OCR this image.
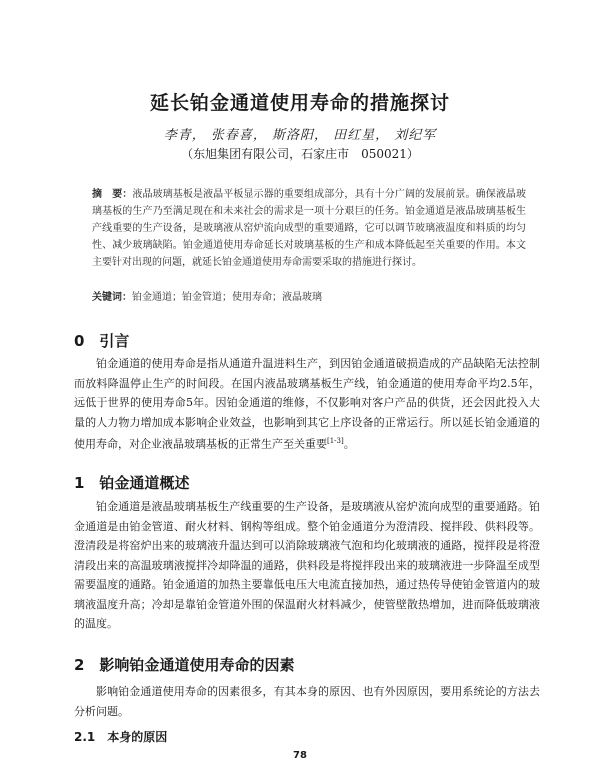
延长铂金通道使用寿命的措施探讨
李青， 张春喜， 斯洛阳， 田红星， 刘纪军
（东旭集团有限公司，石家庄市　050021）
摘　要：液晶玻璃基板是液晶平板显示器的重要组成部分，具有十分广阔的发展前景。确保液晶玻璃基板的生产乃至满足现在和未来社会的需求是一项十分艰巨的任务。铂金通道是液晶玻璃基板生产线重要的生产设备，是玻璃液从窑炉流向成型的重要通路，它可以调节玻璃液温度和料质的均匀性、减少玻璃缺陷。铂金通道使用寿命延长对玻璃基板的生产和成本降低起至关重要的作用。本文主要针对出现的问题，就延长铂金通道使用寿命需要采取的措施进行探讨。
关键词：铂金通道；铂金管道；使用寿命；液晶玻璃
0　引言

铂金通道的使用寿命是指从通道升温进料生产，到因铂金通道破损造成的产品缺陷无法控制而放料降温停止生产的时间段。在国内液晶玻璃基板生产线，铂金通道的使用寿命平均2.5年，远低于世界的使用寿命5年。因铂金通道的维修，不仅影响对客户产品的供货，还会因此投入大量的人力物力增加成本影响企业效益，也影响到其它上序设备的正常运行。所以延长铂金通道的使用寿命，对企业液晶玻璃基板的正常生产至关重要[1-3]。

1　铂金通道概述

铂金通道是液晶玻璃基板生产线重要的生产设备，是玻璃液从窑炉流向成型的重要通路。铂金通道是由铂金管道、耐火材料、钢构等组成。整个铂金通道分为澄清段、搅拌段、供料段等。澄清段是将窑炉出来的玻璃液升温达到可以消除玻璃液气泡和均化玻璃液的通路，搅拌段是将澄清段出来的高温玻璃液搅拌冷却降温的通路，供料段是将搅拌段出来的玻璃液进一步降温至成型需要温度的通路。铂金通道的加热主要靠低电压大电流直接加热，通过热传导使铂金管道内的玻璃液温度升高；冷却是靠铂金管道外围的保温耐火材料减少，使管壁散热增加，进而降低玻璃液的温度。

2　影响铂金通道使用寿命的因素

影响铂金通道使用寿命的因素很多，有其本身的原因、也有外因原因，要用系统论的方法去分析问题。

2.1　本身的原因
78
